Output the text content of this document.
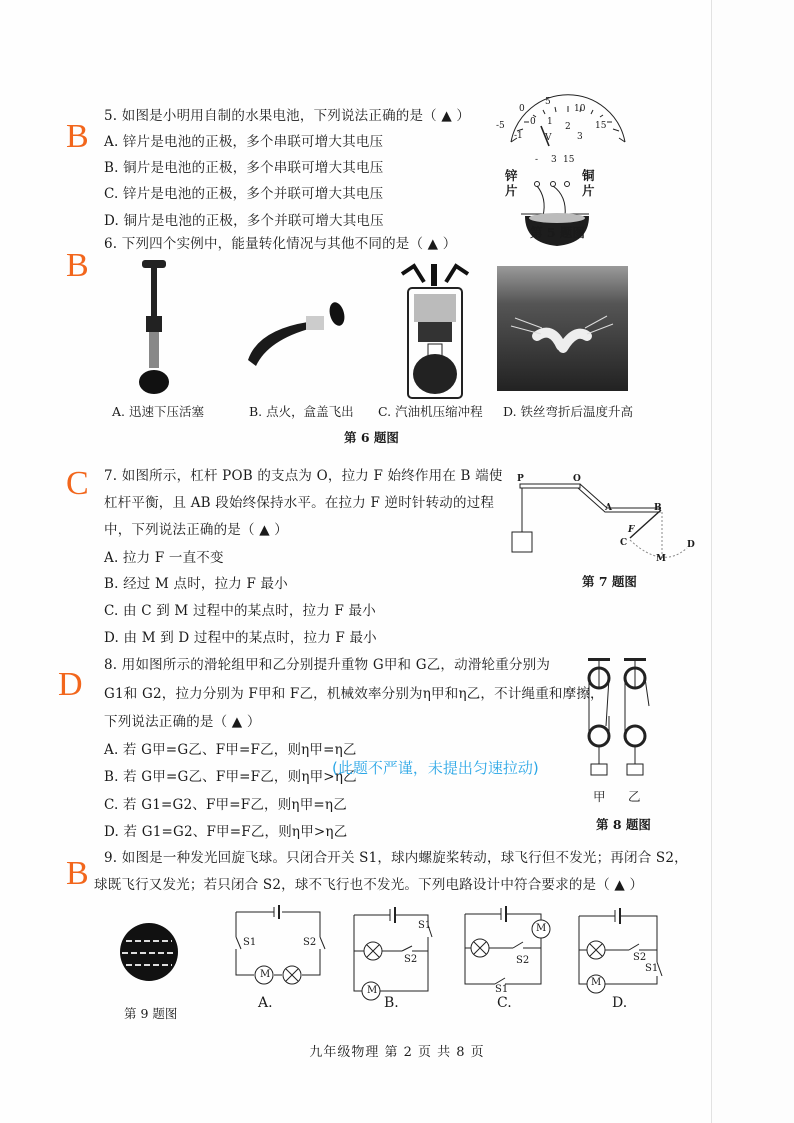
B
5. 如图是小明用自制的水果电池，下列说法正确的是（ ▲ ）
A. 锌片是电池的正极，多个串联可增大其电压
B. 铜片是电池的正极，多个串联可增大其电压
C. 锌片是电池的正极，多个并联可增大其电压
D. 铜片是电池的正极，多个并联可增大其电压
-5
0
5
10
15
-1
0 1 2
3
V
- 3 15
锌片
铜片
第 5 题图
B
6. 下列四个实例中，能量转化情况与其他不同的是（ ▲ ）
A. 迅速下压活塞	B. 点火，盒盖飞出 C. 汽油机压缩冲程 D. 铁丝弯折后温度升高
第 6 题图
C 7. 如图所示，杠杆 POB 的支点为 O，拉力 F 始终作用在 B 端使
杠杆平衡，且 AB 段始终保持水平。在拉力 F 逆时针转动的过程
中，下列说法正确的是（ ▲ ）
A. 拉力 F 一直不变
B. 经过 M 点时，拉力 F 最小
C. 由 C 到 M 过程中的某点时，拉力 F 最小
D. 由 M 到 D 过程中的某点时，拉力 F 最小
P	O
A	B
F
C
M
D
第 7 题图
D
8. 用如图所示的滑轮组甲和乙分别提升重物 G甲和 G乙，动滑轮重分别为
G1和 G2，拉力分别为 F甲和 F乙，机械效率分别为η甲和η乙，不计绳重和摩擦，
下列说法正确的是（ ▲ ）
A. 若 G甲=G乙、F甲=F乙，则η甲=η乙
B. 若 G甲=G乙、F甲=F乙，则η甲>η乙
C. 若 G1=G2、F甲=F乙，则η甲=η乙
D. 若 G1=G2、F甲=F乙，则η甲>η乙
(此题不严谨，未提出匀速拉动)
甲 乙
第 8 题图
B 9. 如图是一种发光回旋飞球。只闭合开关 S1，球内螺旋桨转动，球飞行但不发光；再闭合 S2，
球既飞行又发光；若只闭合 S2，球不飞行也不发光。下列电路设计中符合要求的是（ ▲ ）
第 9 题图
M
S1	S2
A.
M
S1
S2
B.
M
S2
S1
C.
M
S2
S1
D.
九年级物理 第 2 页 共 8 页
